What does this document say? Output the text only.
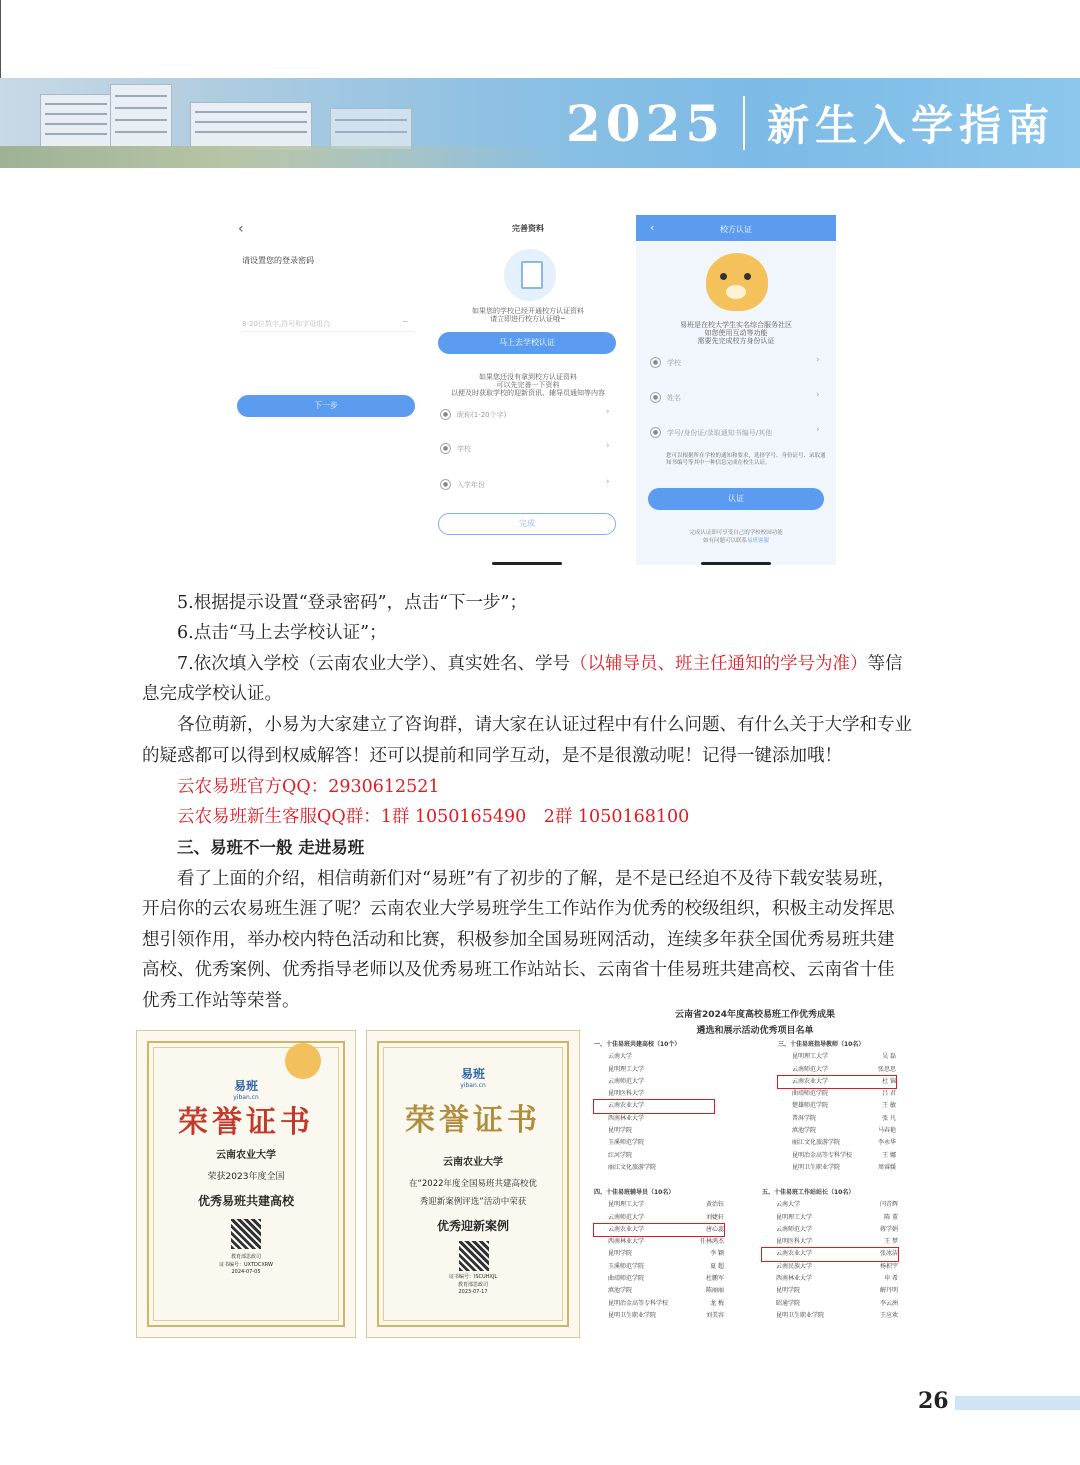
2025 新生入学指南
‹
请设置您的登录密码
8-20位数字,符号和字母组合	~
下一步
完善资料
如果您的学校已经开通校方认证资料
请立即进行校方认证哦~
马上去学校认证
如果您还没有拿到校方认证资料
可以先完善一下资料
以便及时获取学校的迎新资讯、辅导员通知等内容
●	昵称(1-20个字)	›
●	学校	›
●	入学年份	›
完成
‹	校方认证
易班是在校大学生实名综合服务社区
如您使用互动等功能
需要先完成校方身份认证
●	学校	›
●	姓名	›
●	学号/身份证/录取通知书编号/其他	›
您可以根据所在学校的通知和要求，选择学号、身份证号、录取通知书编号等其中一种信息完成在校生认证。
认证
完成认证即可享受自己的学校校园功能
如有问题可以联系易班客服
5.根据提示设置“登录密码”，点击“下一步”；
6.点击“马上去学校认证”；
7.依次填入学校（云南农业大学）、真实姓名、学号（以辅导员、班主任通知的学号为准）等信
息完成学校认证。
各位萌新，小易为大家建立了咨询群，请大家在认证过程中有什么问题、有什么关于大学和专业
的疑惑都可以得到权威解答！还可以提前和同学互动，是不是很激动呢！记得一键添加哦！
云农易班官方QQ：2930612521
云农易班新生客服QQ群：1群 1050165490　2群 1050168100
三、易班不一般 走进易班
看了上面的介绍，相信萌新们对“易班”有了初步的了解，是不是已经迫不及待下载安装易班，
开启你的云农易班生涯了呢？云南农业大学易班学生工作站作为优秀的校级组织，积极主动发挥思
想引领作用，举办校内特色活动和比赛，积极参加全国易班网活动，连续多年获全国优秀易班共建
高校、优秀案例、优秀指导老师以及优秀易班工作站站长、云南省十佳易班共建高校、云南省十佳
优秀工作站等荣誉。
易班
yiban.cn
荣誉证书
云南农业大学
荣获2023年度全国
优秀易班共建高校
教育部思政司
证书编号：UXTDCXRW
2024-07-05
易班
yiban.cn
荣誉证书
云南农业大学
在“2022年度全国易班共建高校优
秀迎新案例评选”活动中荣获
优秀迎新案例
证书编号：ISCUHXJL
教育部思政司
2023-07-17
云南省2024年度高校易班工作优秀成果
遴选和展示活动优秀项目名单
一、十佳易班共建高校（10个）
云南大学
昆明理工大学
云南师范大学
昆明医科大学
云南农业大学
西南林业大学
昆明学院
玉溪师范学院
红河学院
丽江文化旅游学院
三、十佳易班指导教师（10名）
昆明理工大学	吴 磊
云南师范大学	张思思
云南农业大学	杜 锦
曲靖师范学院	吕 君
楚雄师范学院	王 敏
普洱学院	张 凡
滇池学院	马春艳
丽江文化旅游学院	李永华
昆明冶金高等专科学校	王 娜
昆明卫生职业学院	周睿媛
四、十佳易班辅导员（10名）
昆明理工大学	黄治钰
云南师范大学	刘婕轩
云南农业大学	唐心蕊
西南林业大学	任林鸿杰
昆明学院	李 颖
玉溪师范学院	夏 超
曲靖师范学院	杜鹏军
滇池学院	陈丽丽
昆明冶金高等专科学校	龙 梅
昆明卫生职业学院	刘美容
五、十佳易班工作站站长（10名）
云南大学	闫青辉
昆明理工大学	陈 董
云南师范大学	蒋学娟
昆明医科大学	王 梦
云南农业大学	张冰洁
云南民族大学	杨积宇
西南林业大学	申 希
昆明学院	解丹明
昭通学院	李云洲
昆明卫生职业学院	王应欢
26
